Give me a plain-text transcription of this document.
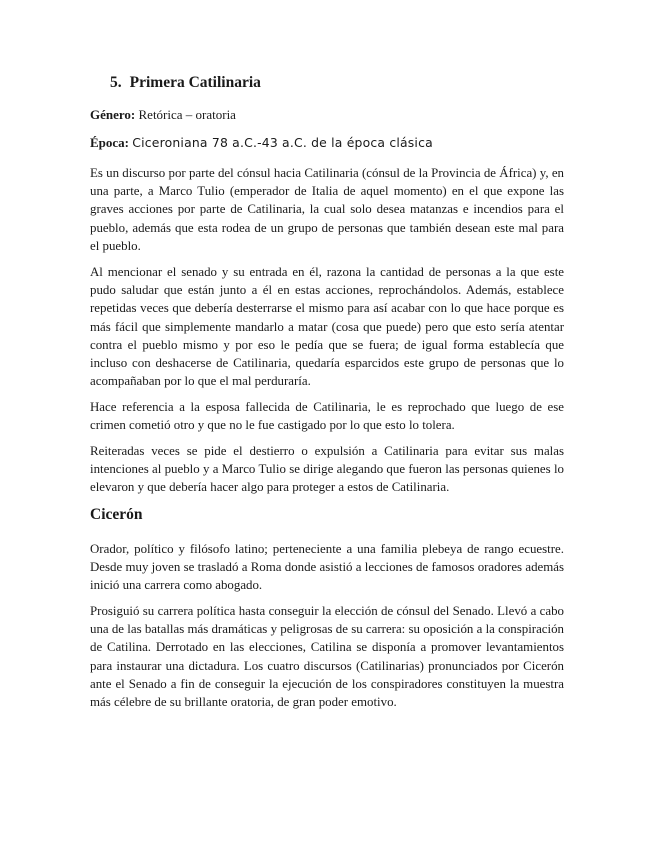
5. Primera Catilinaria
Género: Retórica – oratoria
Época: Ciceroniana 78 a.C.-43 a.C. de la época clásica

Es un discurso por parte del cónsul hacia Catilinaria (cónsul de la Provincia de África) y, en una parte, a Marco Tulio (emperador de Italia de aquel momento) en el que expone las graves acciones por parte de Catilinaria, la cual solo desea matanzas e incendios para el pueblo, además que esta rodea de un grupo de personas que también desean este mal para el pueblo.

Al mencionar el senado y su entrada en él, razona la cantidad de personas a la que este pudo saludar que están junto a él en estas acciones, reprochándolos. Además, establece repetidas veces que debería desterrarse el mismo para así acabar con lo que hace porque es más fácil que simplemente mandarlo a matar (cosa que puede) pero que esto sería atentar contra el pueblo mismo y por eso le pedía que se fuera; de igual forma establecía que incluso con deshacerse de Catilinaria, quedaría esparcidos este grupo de personas que lo acompañaban por lo que el mal perduraría.

Hace referencia a la esposa fallecida de Catilinaria, le es reprochado que luego de ese crimen cometió otro y que no le fue castigado por lo que esto lo tolera.

Reiteradas veces se pide el destierro o expulsión a Catilinaria para evitar sus malas intenciones al pueblo y a Marco Tulio se dirige alegando que fueron las personas quienes lo elevaron y que debería hacer algo para proteger a estos de Catilinaria.

Cicerón

Orador, político y filósofo latino; perteneciente a una familia plebeya de rango ecuestre. Desde muy joven se trasladó a Roma donde asistió a lecciones de famosos oradores además inició una carrera como abogado.

Prosiguió su carrera política hasta conseguir la elección de cónsul del Senado. Llevó a cabo una de las batallas más dramáticas y peligrosas de su carrera: su oposición a la conspiración de Catilina. Derrotado en las elecciones, Catilina se disponía a promover levantamientos para instaurar una dictadura. Los cuatro discursos (Catilinarias) pronunciados por Cicerón ante el Senado a fin de conseguir la ejecución de los conspiradores constituyen la muestra más célebre de su brillante oratoria, de gran poder emotivo.
